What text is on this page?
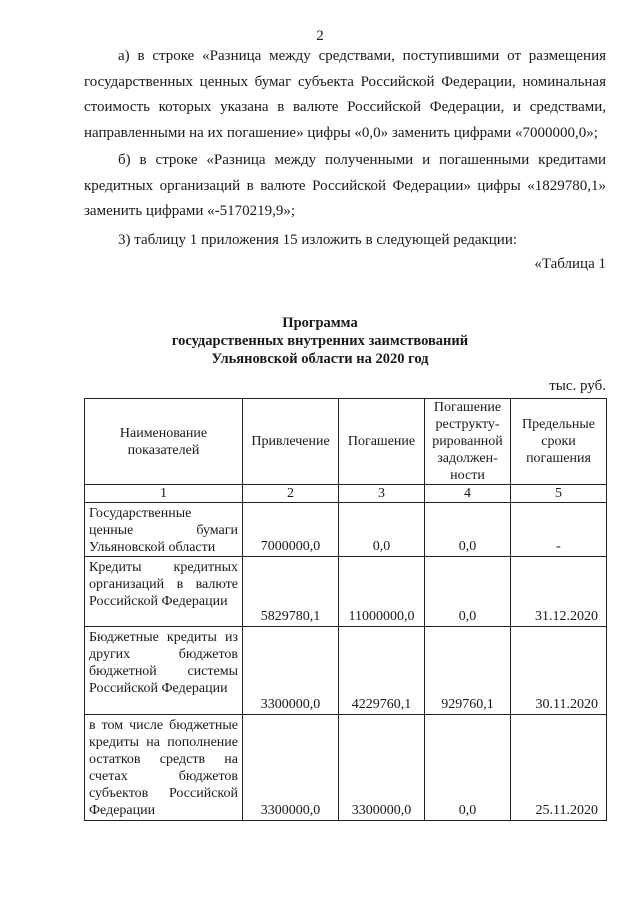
2

а) в строке «Разница между средствами, поступившими от размещения государственных ценных бумаг субъекта Российской Федерации, номинальная стоимость которых указана в валюте Российской Федерации, и средствами, направленными на их погашение» цифры «0,0» заменить цифрами «7000000,0»;

б) в строке «Разница между полученными и погашенными кредитами кредитных организаций в валюте Российской Федерации» цифры «1829780,1» заменить цифрами «-5170219,9»;

3) таблицу 1 приложения 15 изложить в следующей редакции:

«Таблица 1
Программа
государственных внутренних заимствований
Ульяновской области на 2020 год
тыс. руб.
Наименование показателей	Привлечение	Погашение	Погашение реструкту-рированной задолжен-ности	Предельные сроки погашения
1	2	3	4	5
Государственные ценные бумаги Ульяновской области	7000000,0	0,0	0,0	-
Кредиты кредитных организаций в валюте Российской Федерации	5829780,1	11000000,0	0,0	31.12.2020
Бюджетные кредиты из других бюджетов бюджетной системы Российской Федерации	3300000,0	4229760,1	929760,1	30.11.2020
в том числе бюджетные кредиты на пополнение остатков средств на счетах бюджетов субъектов Российской Федерации	3300000,0	3300000,0	0,0	25.11.2020
